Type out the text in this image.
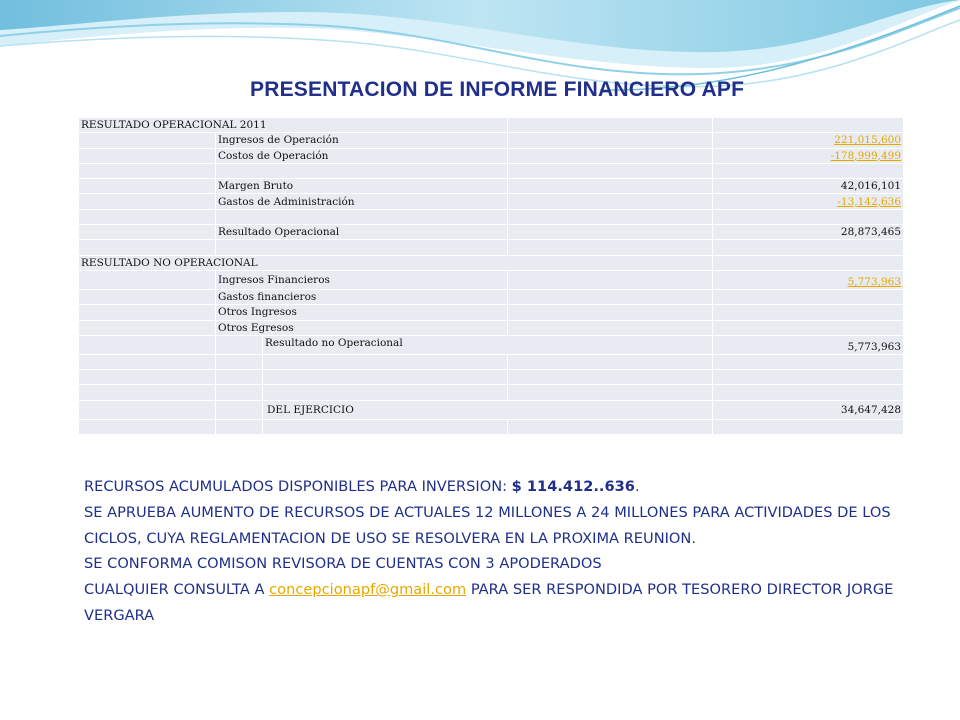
PRESENTACION DE INFORME FINANCIERO APF
RESULTADO OPERACIONAL 2011				
	Ingresos de Operación			221,015,600
	Costos de Operación			-178,999,499

	Margen Bruto			42,016,101
	Gastos de Administración			-13,142,636

	Resultado Operacional			28,873,465

RESULTADO NO OPERACIONAL				
	Ingresos Financieros			5,773,963
	Gastos financieros			
	Otros Ingresos			
	Otros Egresos			
		Resultado no Operacional		5,773,963

		DEL EJERCICIO		34,647,428

RECURSOS ACUMULADOS DISPONIBLES PARA INVERSION: $ 114.412..636.

SE APRUEBA AUMENTO DE RECURSOS DE ACTUALES 12 MILLONES A 24 MILLONES PARA ACTIVIDADES DE LOS CICLOS, CUYA REGLAMENTACION DE USO SE RESOLVERA EN LA PROXIMA REUNION.

SE CONFORMA COMISON REVISORA DE CUENTAS CON 3 APODERADOS

CUALQUIER CONSULTA A concepcionapf@gmail.com PARA SER RESPONDIDA POR TESORERO DIRECTOR JORGE VERGARA
